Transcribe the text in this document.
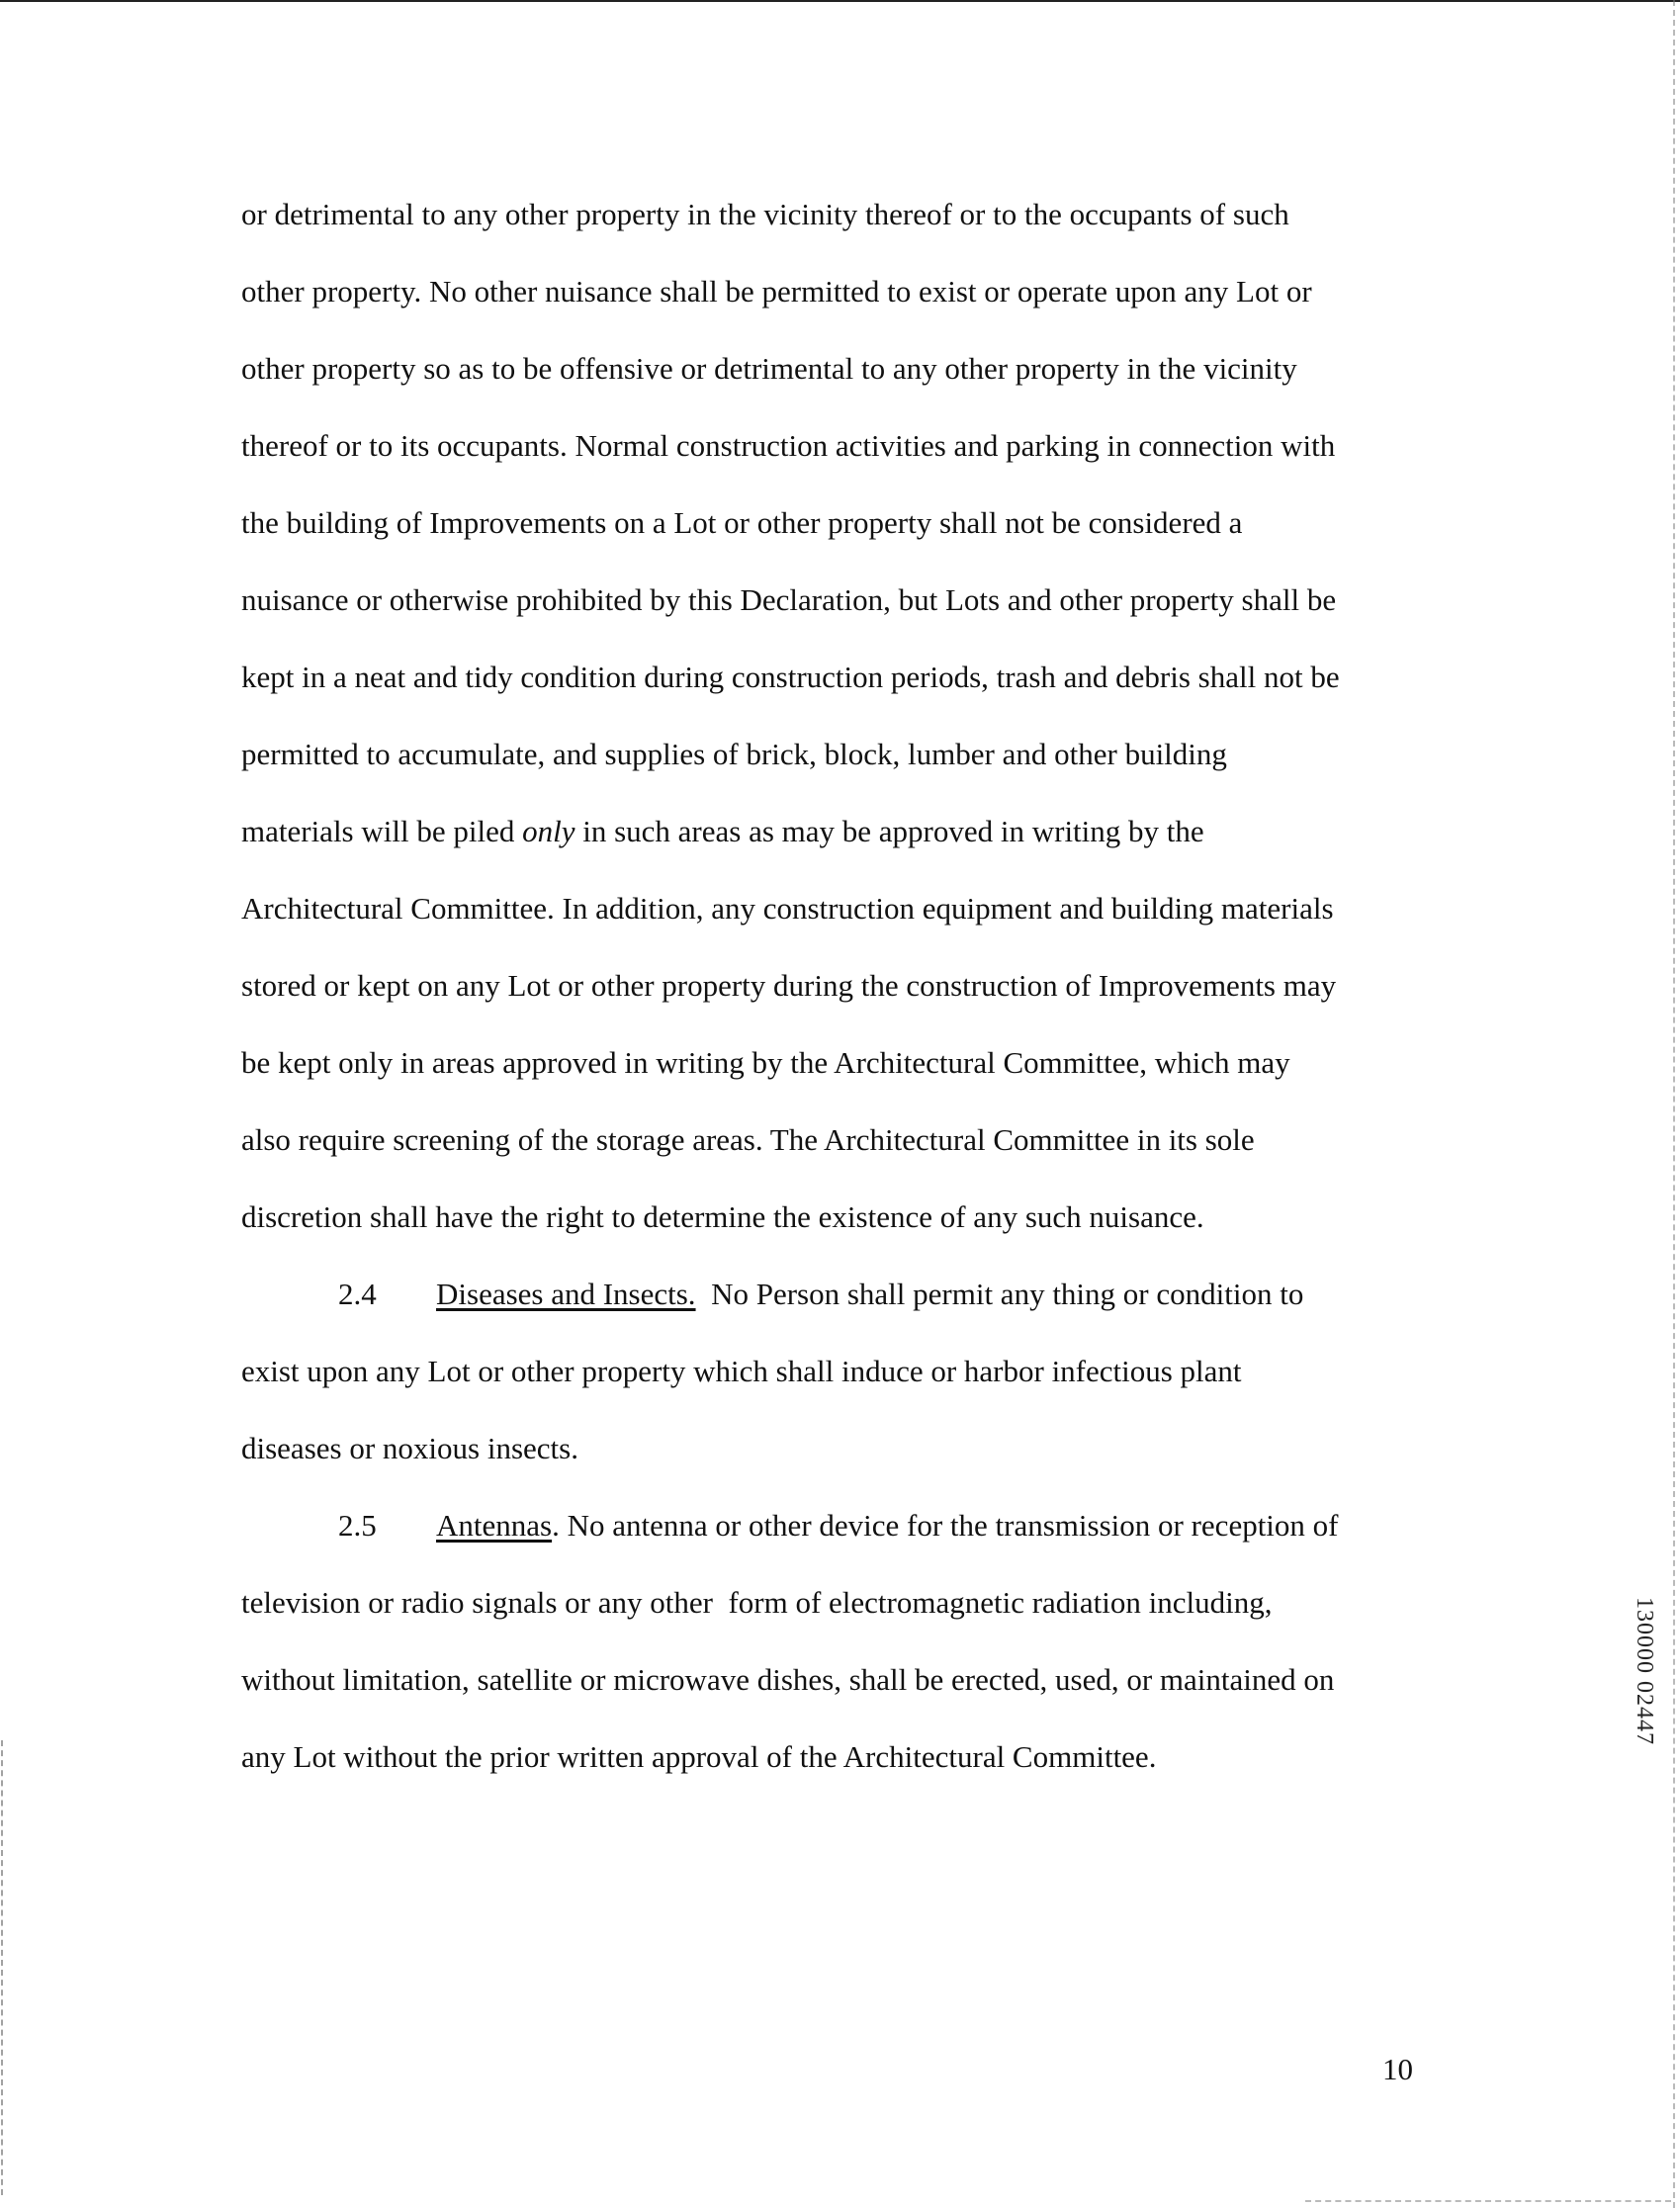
or detrimental to any other property in the vicinity thereof or to the occupants of such
other property. No other nuisance shall be permitted to exist or operate upon any Lot or
other property so as to be offensive or detrimental to any other property in the vicinity
thereof or to its occupants. Normal construction activities and parking in connection with
the building of Improvements on a Lot or other property shall not be considered a
nuisance or otherwise prohibited by this Declaration, but Lots and other property shall be
kept in a neat and tidy condition during construction periods, trash and debris shall not be
permitted to accumulate, and supplies of brick, block, lumber and other building
materials will be piled only in such areas as may be approved in writing by the
Architectural Committee. In addition, any construction equipment and building materials
stored or kept on any Lot or other property during the construction of Improvements may
be kept only in areas approved in writing by the Architectural Committee, which may
also require screening of the storage areas. The Architectural Committee in its sole
discretion shall have the right to determine the existence of any such nuisance.

2.4 Diseases and Insects.  No Person shall permit any thing or condition to
exist upon any Lot or other property which shall induce or harbor infectious plant
diseases or noxious insects.

2.5 Antennas. No antenna or other device for the transmission or reception of
television or radio signals or any other  form of electromagnetic radiation including,
without limitation, satellite or microwave dishes, shall be erected, used, or maintained on
any Lot without the prior written approval of the Architectural Committee.

130000 02447
10
